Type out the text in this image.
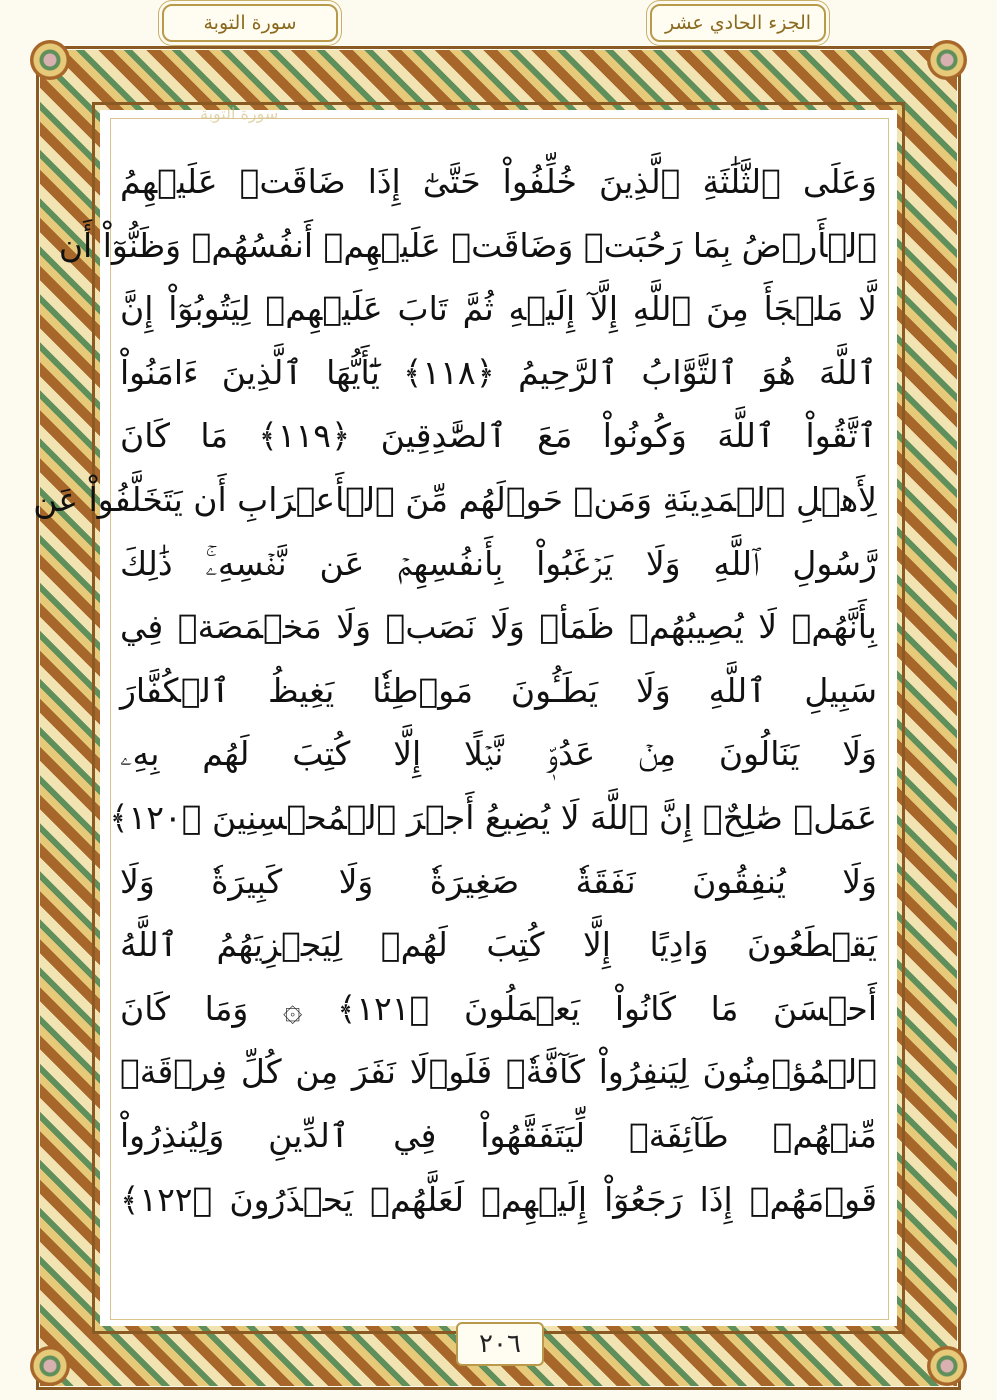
سورة التوبة	الجزء الحادي عشر
سورة التوبة
وَعَلَى ٱلثَّلَٰثَةِ ٱلَّذِينَ خُلِّفُواْ حَتَّىٰٓ إِذَا ضَاقَتۡ عَلَيۡهِمُ
ٱلۡأَرۡضُ بِمَا رَحُبَتۡ وَضَاقَتۡ عَلَيۡهِمۡ أَنفُسُهُمۡ وَظَنُّوٓاْ أَن
لَّا مَلۡجَأَ مِنَ ٱللَّهِ إِلَّآ إِلَيۡهِ ثُمَّ تَابَ عَلَيۡهِمۡ لِيَتُوبُوٓاْ إِنَّ
ٱللَّهَ هُوَ ٱلتَّوَّابُ ٱلرَّحِيمُ ﴿١١٨﴾ يَٰٓأَيُّهَا ٱلَّذِينَ ءَامَنُواْ
ٱتَّقُواْ ٱللَّهَ وَكُونُواْ مَعَ ٱلصَّٰدِقِينَ ﴿١١٩﴾ مَا كَانَ
لِأَهۡلِ ٱلۡمَدِينَةِ وَمَنۡ حَوۡلَهُم مِّنَ ٱلۡأَعۡرَابِ أَن يَتَخَلَّفُواْ عَن
رَّسُولِ ٱللَّهِ وَلَا يَرۡغَبُواْ بِأَنفُسِهِمۡ عَن نَّفۡسِهِۦۚ ذَٰلِكَ
بِأَنَّهُمۡ لَا يُصِيبُهُمۡ ظَمَأٞ وَلَا نَصَبٞ وَلَا مَخۡمَصَةٞ فِي
سَبِيلِ ٱللَّهِ وَلَا يَطَـُٔونَ مَوۡطِئٗا يَغِيظُ ٱلۡكُفَّارَ
وَلَا يَنَالُونَ مِنۡ عَدُوّٖ نَّيۡلًا إِلَّا كُتِبَ لَهُم بِهِۦ
عَمَلٞ صَٰلِحٌۚ إِنَّ ٱللَّهَ لَا يُضِيعُ أَجۡرَ ٱلۡمُحۡسِنِينَ ﴿١٢٠﴾
وَلَا يُنفِقُونَ نَفَقَةٗ صَغِيرَةٗ وَلَا كَبِيرَةٗ وَلَا
يَقۡطَعُونَ وَادِيًا إِلَّا كُتِبَ لَهُمۡ لِيَجۡزِيَهُمُ ٱللَّهُ
أَحۡسَنَ مَا كَانُواْ يَعۡمَلُونَ ﴿١٢١﴾ ۞ وَمَا كَانَ
ٱلۡمُؤۡمِنُونَ لِيَنفِرُواْ كَآفَّةٗۚ فَلَوۡلَا نَفَرَ مِن كُلِّ فِرۡقَةٖ
مِّنۡهُمۡ طَآئِفَةٞ لِّيَتَفَقَّهُواْ فِي ٱلدِّينِ وَلِيُنذِرُواْ
قَوۡمَهُمۡ إِذَا رَجَعُوٓاْ إِلَيۡهِمۡ لَعَلَّهُمۡ يَحۡذَرُونَ ﴿١٢٢﴾
٢٠٦
